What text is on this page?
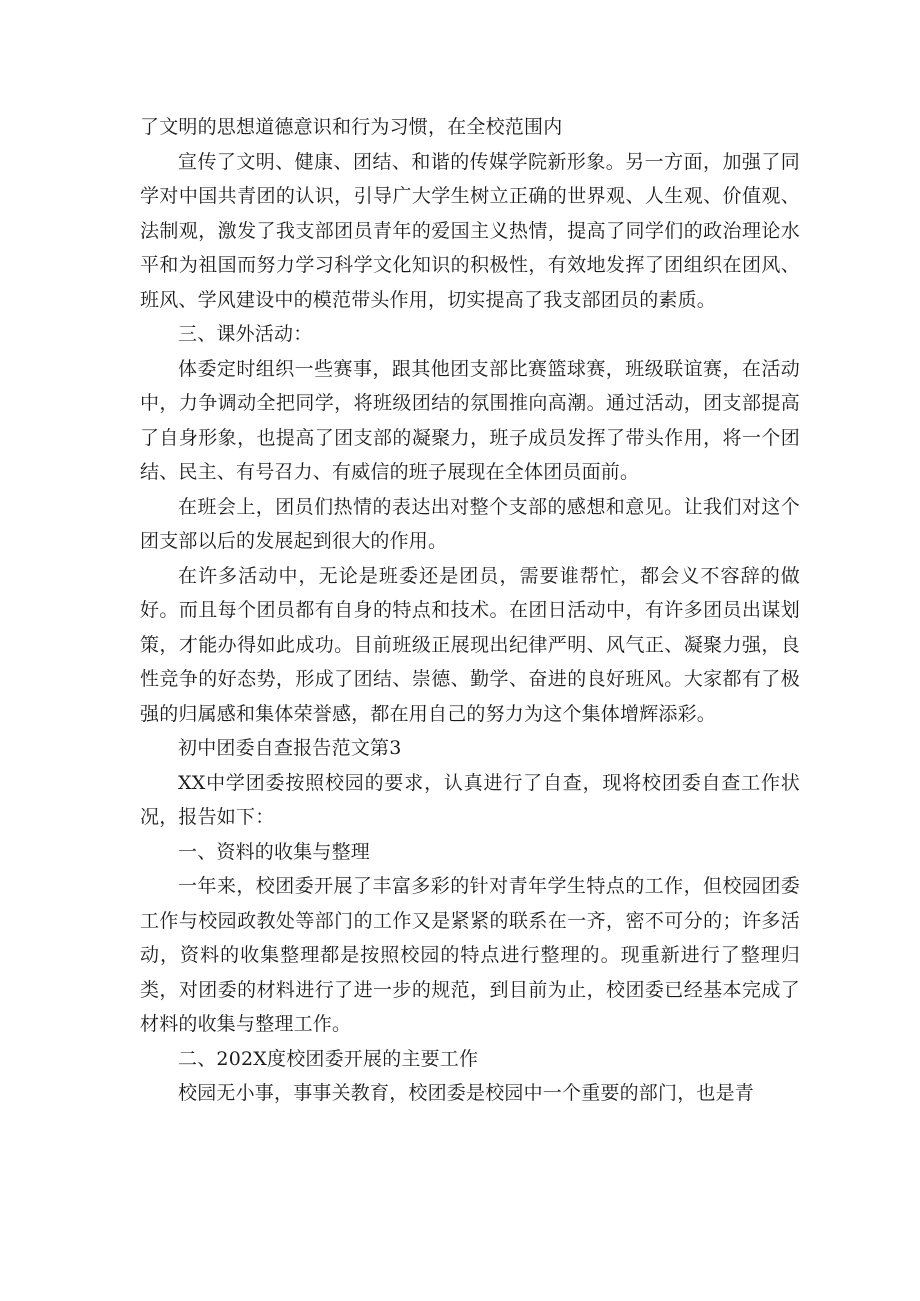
了文明的思想道德意识和行为习惯，在全校范围内

宣传了文明、健康、团结、和谐的传媒学院新形象。另一方面，加强了同学对中国共青团的认识，引导广大学生树立正确的世界观、人生观、价值观、法制观，激发了我支部团员青年的爱国主义热情，提高了同学们的政治理论水平和为祖国而努力学习科学文化知识的积极性，有效地发挥了团组织在团风、班风、学风建设中的模范带头作用，切实提高了我支部团员的素质。

三、课外活动：

体委定时组织一些赛事，跟其他团支部比赛篮球赛，班级联谊赛，在活动中，力争调动全把同学，将班级团结的氛围推向高潮。通过活动，团支部提高了自身形象，也提高了团支部的凝聚力，班子成员发挥了带头作用，将一个团结、民主、有号召力、有威信的班子展现在全体团员面前。

在班会上，团员们热情的表达出对整个支部的感想和意见。让我们对这个团支部以后的发展起到很大的作用。

在许多活动中，无论是班委还是团员，需要谁帮忙，都会义不容辞的做好。而且每个团员都有自身的特点和技术。在团日活动中，有许多团员出谋划策，才能办得如此成功。目前班级正展现出纪律严明、风气正、凝聚力强，良性竞争的好态势，形成了团结、崇德、勤学、奋进的良好班风。大家都有了极强的归属感和集体荣誉感，都在用自己的努力为这个集体增辉添彩。

初中团委自查报告范文第3

XX中学团委按照校园的要求，认真进行了自查，现将校团委自查工作状况，报告如下：

一、资料的收集与整理

一年来，校团委开展了丰富多彩的针对青年学生特点的工作，但校园团委工作与校园政教处等部门的工作又是紧紧的联系在一齐，密不可分的；许多活动，资料的收集整理都是按照校园的特点进行整理的。现重新进行了整理归类，对团委的材料进行了进一步的规范，到目前为止，校团委已经基本完成了材料的收集与整理工作。

二、202X度校团委开展的主要工作

校园无小事，事事关教育，校团委是校园中一个重要的部门，也是青
